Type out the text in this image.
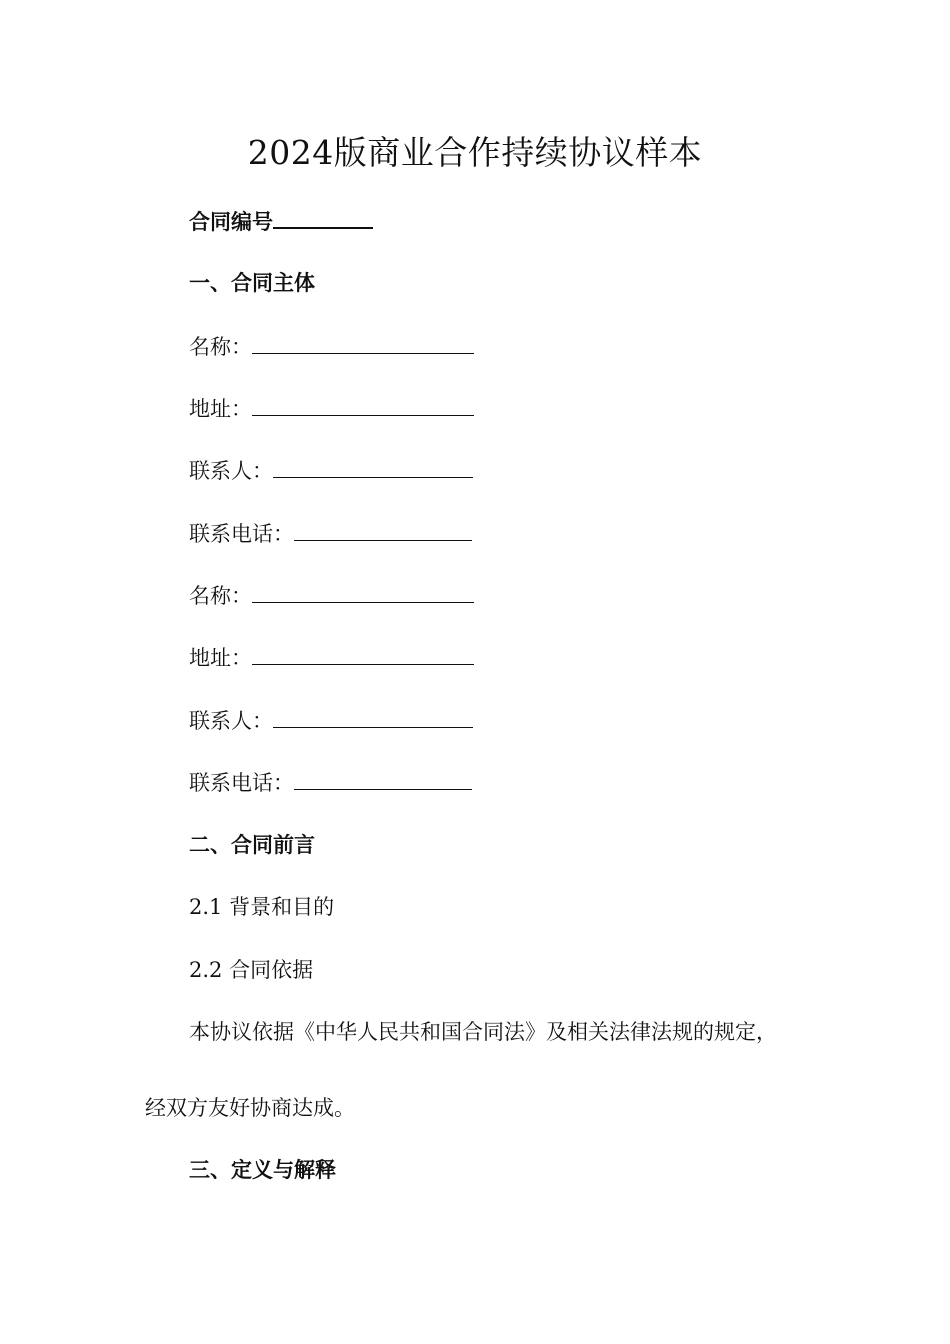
2024版商业合作持续协议样本
合同编号
一、合同主体
名称：
地址：
联系人：
联系电话：
名称：
地址：
联系人：
联系电话：
二、合同前言
2.1 背景和目的
2.2 合同依据
本协议依据《中华人民共和国合同法》及相关法律法规的规定，
经双方友好协商达成。
三、定义与解释
